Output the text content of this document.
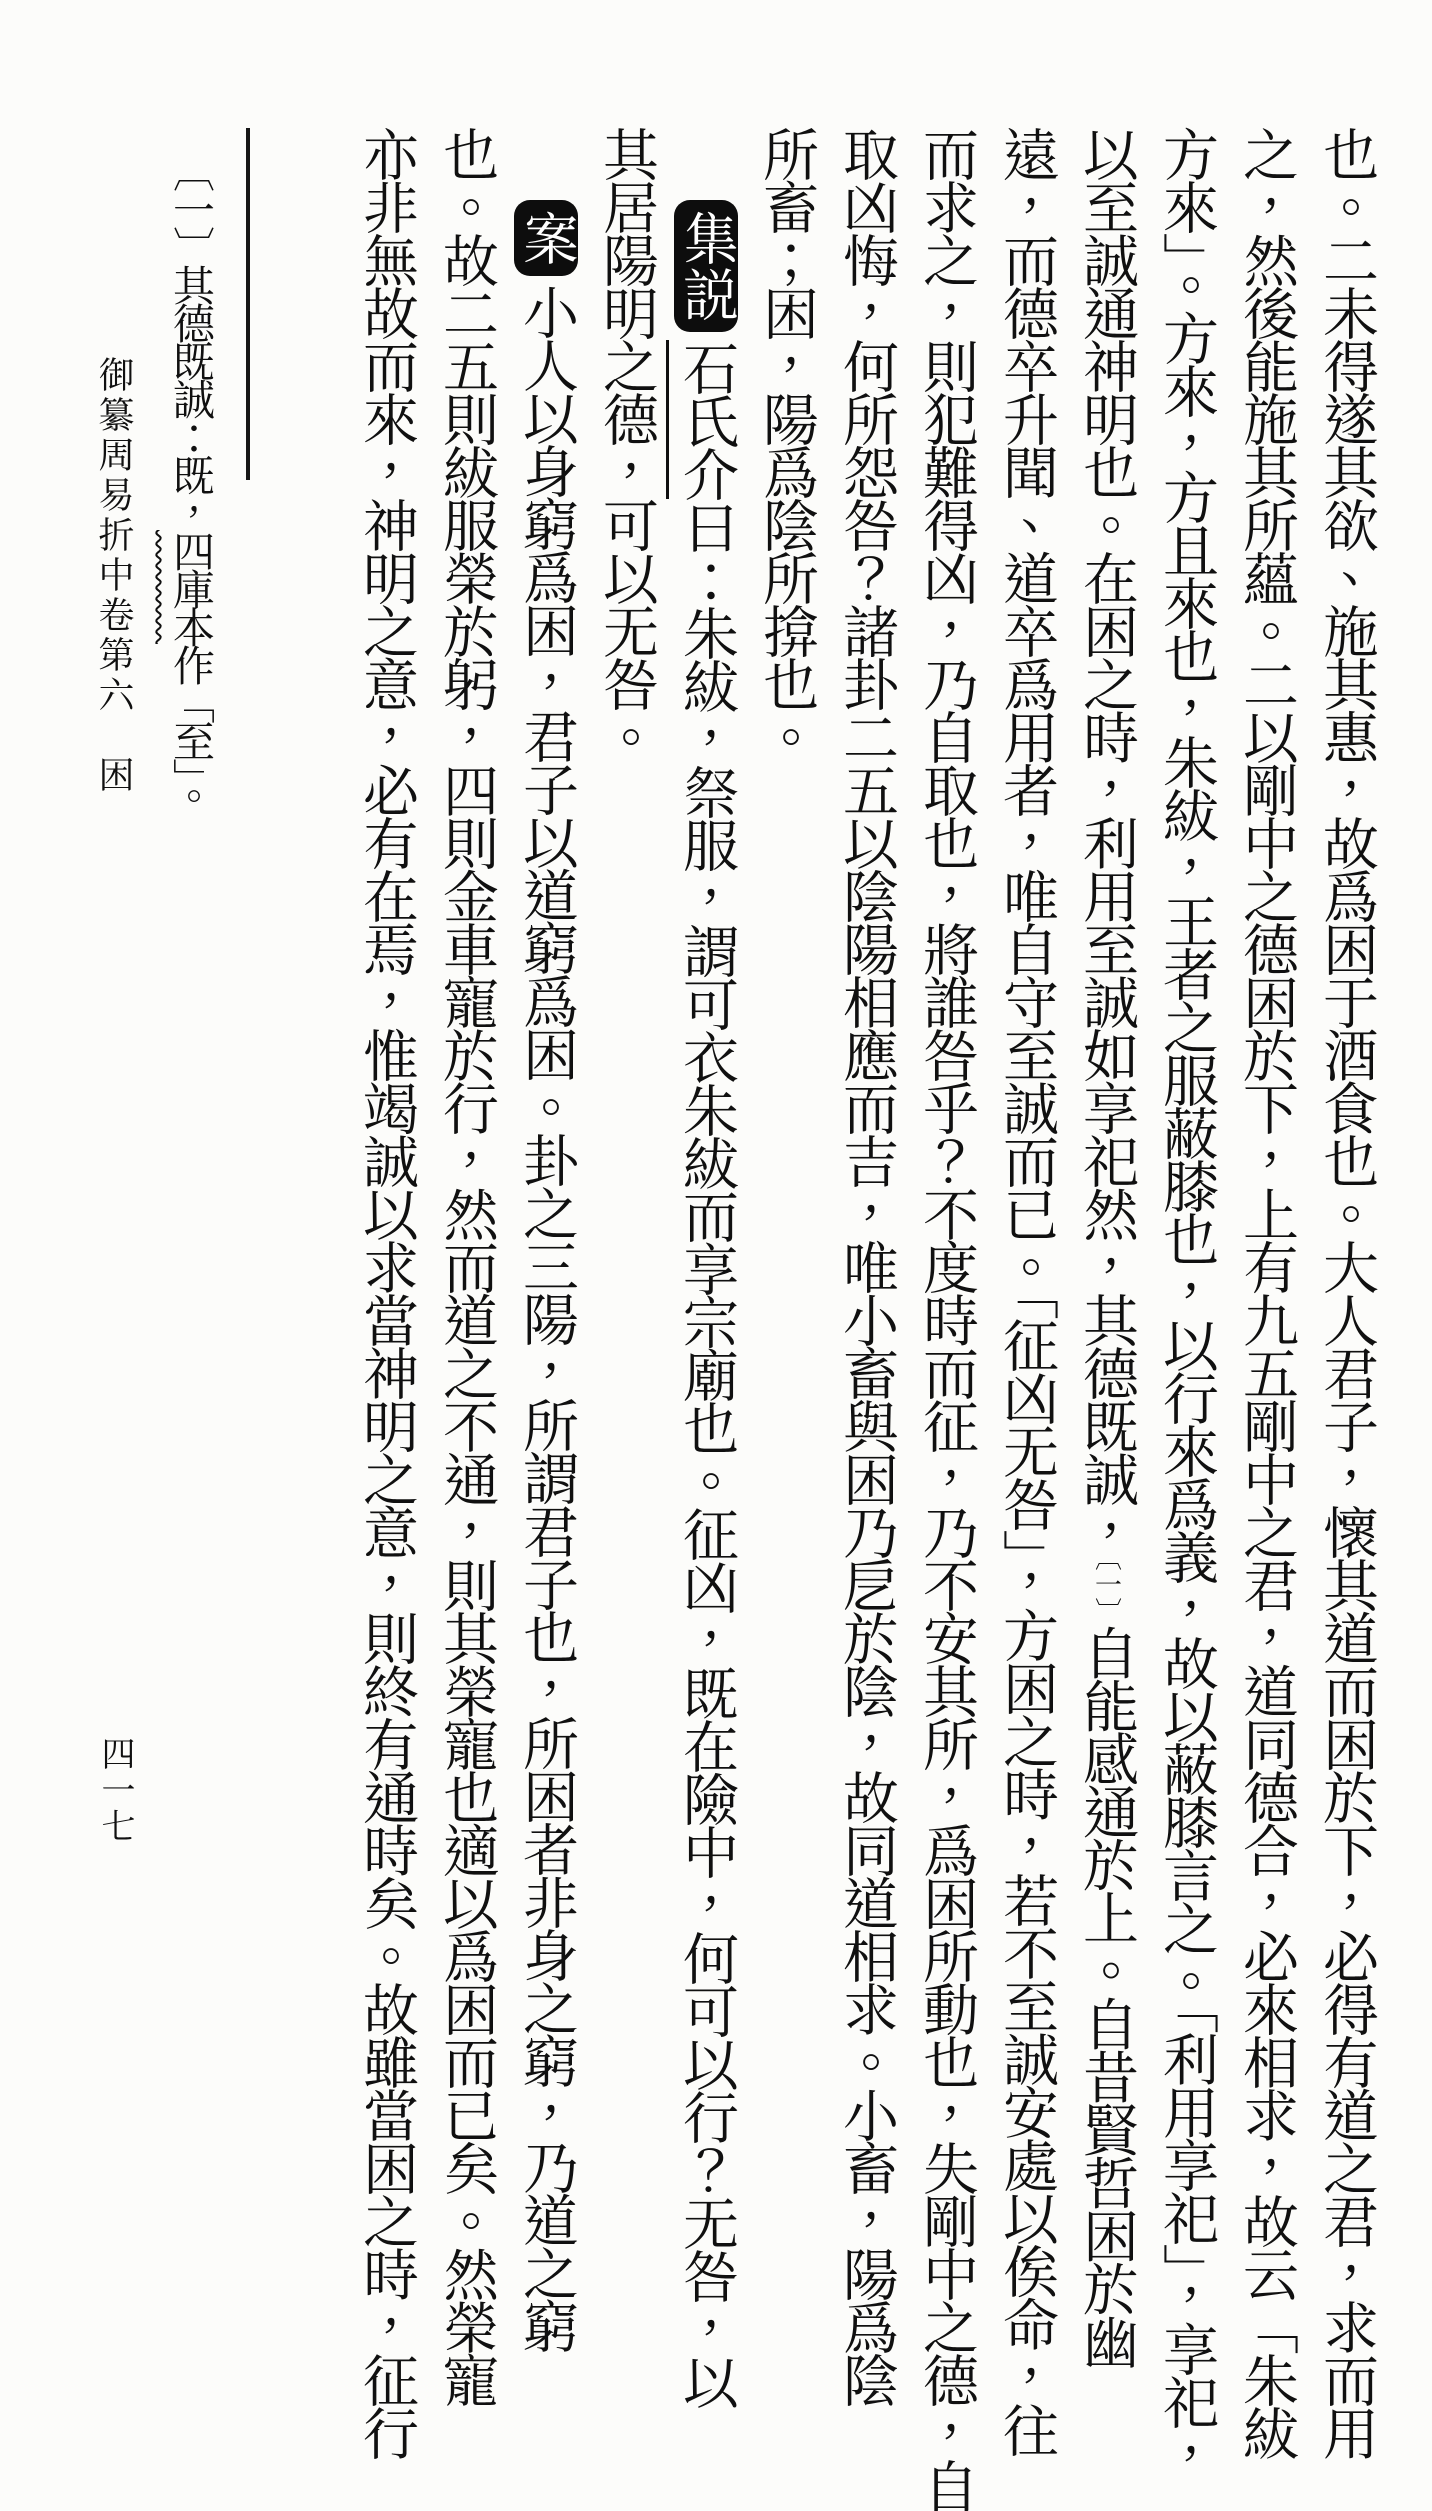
也。二未得遂其欲、施其惠，故爲困于酒食也。大人君子，懷其道而困於下，必得有道之君，求而用
之，然後能施其所蘊。二以剛中之德困於下，上有九五剛中之君，道同德合，必來相求，故云「朱紱
方來」。方來，方且來也，朱紱，王者之服蔽膝也，以行來爲義，故以蔽膝言之。「利用享祀」，享祀，
以至誠通神明也。在困之時，利用至誠如享祀然，其德既誠，〔一〕自能感通於上。自昔賢哲困於幽
遠，而德卒升聞、道卒爲用者，唯自守至誠而已。「征凶无咎」，方困之時，若不至誠安處以俟命，往
而求之，則犯難得凶，乃自取也，將誰咎乎？不度時而征，乃不安其所，爲困所動也，失剛中之德，自
取凶悔，何所怨咎？諸卦二五以陰陽相應而吉，唯小畜與困乃戹於陰，故同道相求。小畜，陽爲陰
所畜；困，陽爲陰所揜也。
集説石氏介曰：朱紱，祭服，謂可衣朱紱而享宗廟也。征凶，既在險中，何可以行？无咎，以
其居陽明之德，可以无咎。
案小人以身窮爲困，君子以道窮爲困。卦之三陽，所謂君子也，所困者非身之窮，乃道之窮
也。故二五則紱服榮於躬，四則金車寵於行，然而道之不通，則其榮寵也適以爲困而已矣。然榮寵
亦非無故而來，神明之意，必有在焉，惟竭誠以求當神明之意，則終有通時矣。故雖當困之時，征行
〔一〕其德既誠：既，四庫本作「至」。
御纂周易折中卷第六　困
四一七
